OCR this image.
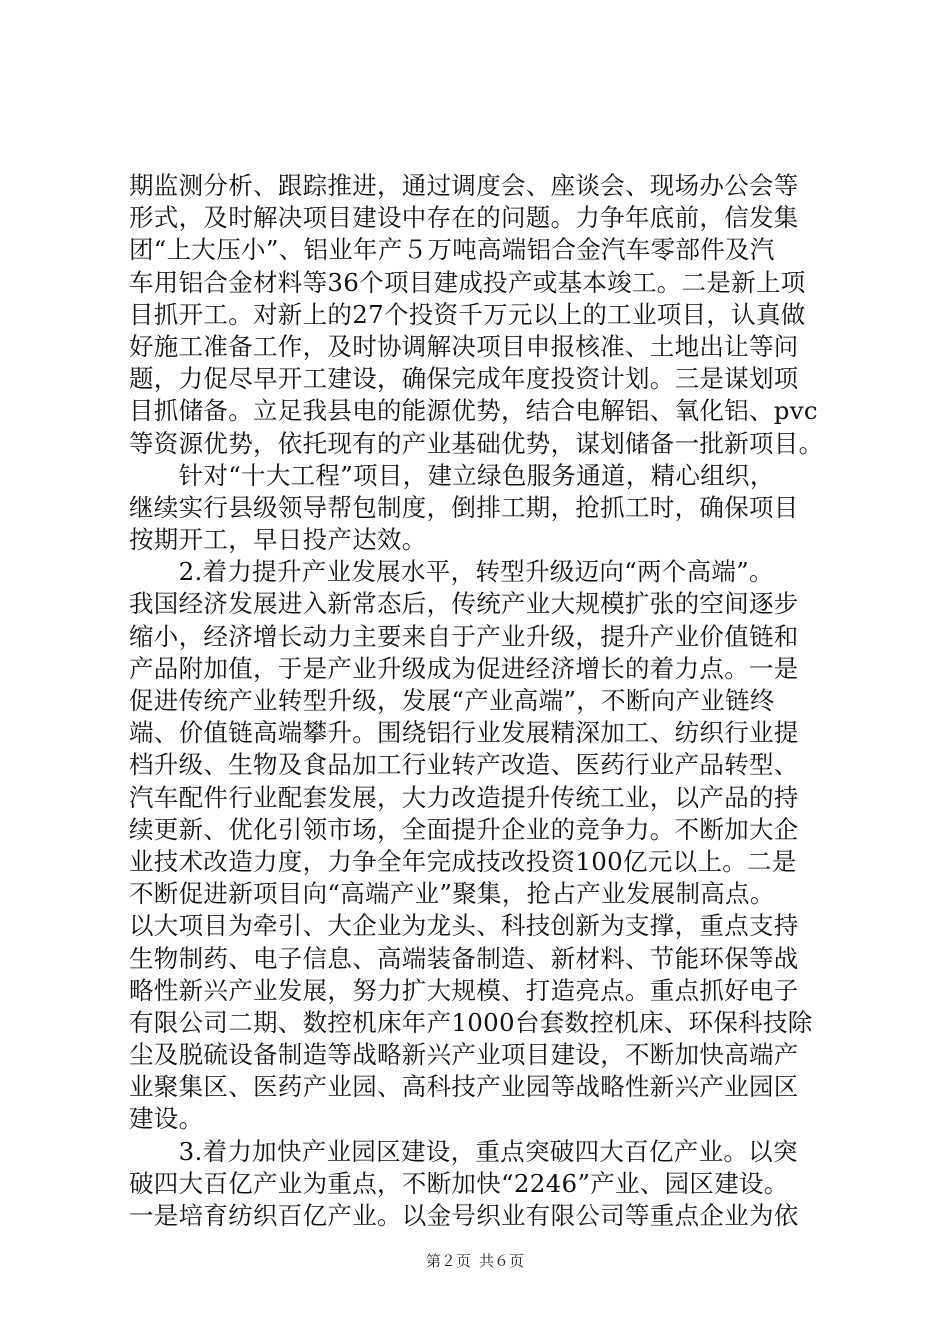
期监测分析、跟踪推进，通过调度会、座谈会、现场办公会等
形式，及时解决项目建设中存在的问题。力争年底前，信发集
团“上大压小”、铝业年产５万吨高端铝合金汽车零部件及汽
车用铝合金材料等36个项目建成投产或基本竣工。二是新上项
目抓开工。对新上的27个投资千万元以上的工业项目，认真做
好施工准备工作，及时协调解决项目申报核准、土地出让等问
题，力促尽早开工建设，确保完成年度投资计划。三是谋划项
目抓储备。立足我县电的能源优势，结合电解铝、氧化铝、pvc
等资源优势，依托现有的产业基础优势，谋划储备一批新项目。
　　针对“十大工程”项目，建立绿色服务通道，精心组织，
继续实行县级领导帮包制度，倒排工期，抢抓工时，确保项目
按期开工，早日投产达效。
　　2.着力提升产业发展水平，转型升级迈向“两个高端”。
我国经济发展进入新常态后，传统产业大规模扩张的空间逐步
缩小，经济增长动力主要来自于产业升级，提升产业价值链和
产品附加值，于是产业升级成为促进经济增长的着力点。一是
促进传统产业转型升级，发展“产业高端”，不断向产业链终
端、价值链高端攀升。围绕铝行业发展精深加工、纺织行业提
档升级、生物及食品加工行业转产改造、医药行业产品转型、
汽车配件行业配套发展，大力改造提升传统工业，以产品的持
续更新、优化引领市场，全面提升企业的竞争力。不断加大企
业技术改造力度，力争全年完成技改投资100亿元以上。二是
不断促进新项目向“高端产业”聚集，抢占产业发展制高点。
以大项目为牵引、大企业为龙头、科技创新为支撑，重点支持
生物制药、电子信息、高端装备制造、新材料、节能环保等战
略性新兴产业发展，努力扩大规模、打造亮点。重点抓好电子
有限公司二期、数控机床年产1000台套数控机床、环保科技除
尘及脱硫设备制造等战略新兴产业项目建设，不断加快高端产
业聚集区、医药产业园、高科技产业园等战略性新兴产业园区
建设。
　　3.着力加快产业园区建设，重点突破四大百亿产业。以突
破四大百亿产业为重点，不断加快“2246”产业、园区建设。
一是培育纺织百亿产业。以金号织业有限公司等重点企业为依
第２页 共６页
